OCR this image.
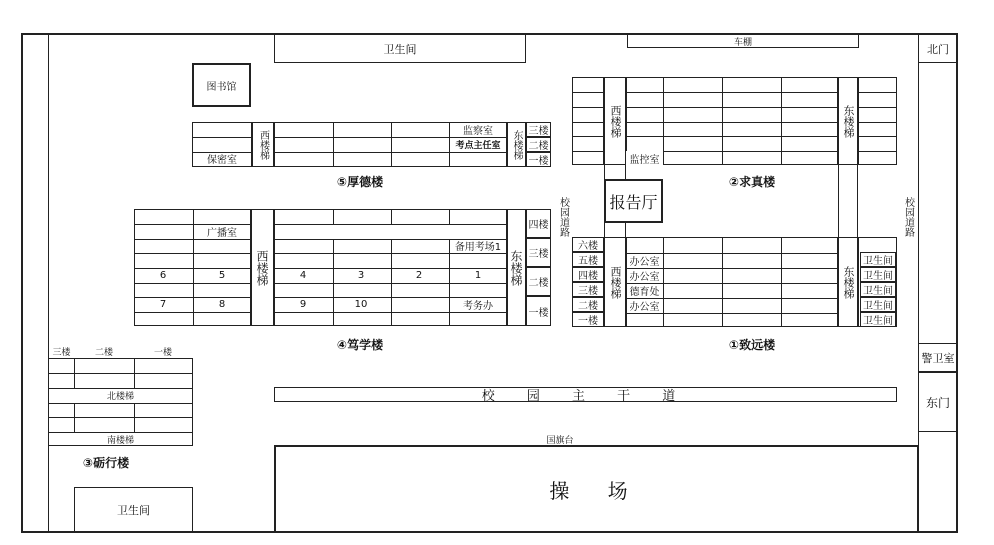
卫生间	车棚	北门
警卫室
东门
图书馆
保密室
西楼梯	监察室
考点主任室	东楼梯 三楼
二楼
一楼
⑤厚德楼
西楼梯
监控室
东楼梯
②求真楼
报告厅
校园道路	校园道路
广播室
6	5
7	8
西楼梯
备用考场1
4	3	2	1
9	10	考务办
东楼梯
四楼
三楼
二楼
一楼
④笃学楼
六楼
五楼
四楼
三楼
二楼
一楼
西楼梯
办公室
办公室
德育处
办公室
东楼梯
卫生间
卫生间
卫生间
卫生间
卫生间
①致远楼
三楼	二楼	一楼
北楼梯
南楼梯
③砺行楼
卫生间
校 园 主 干 道
国旗台
操 场
